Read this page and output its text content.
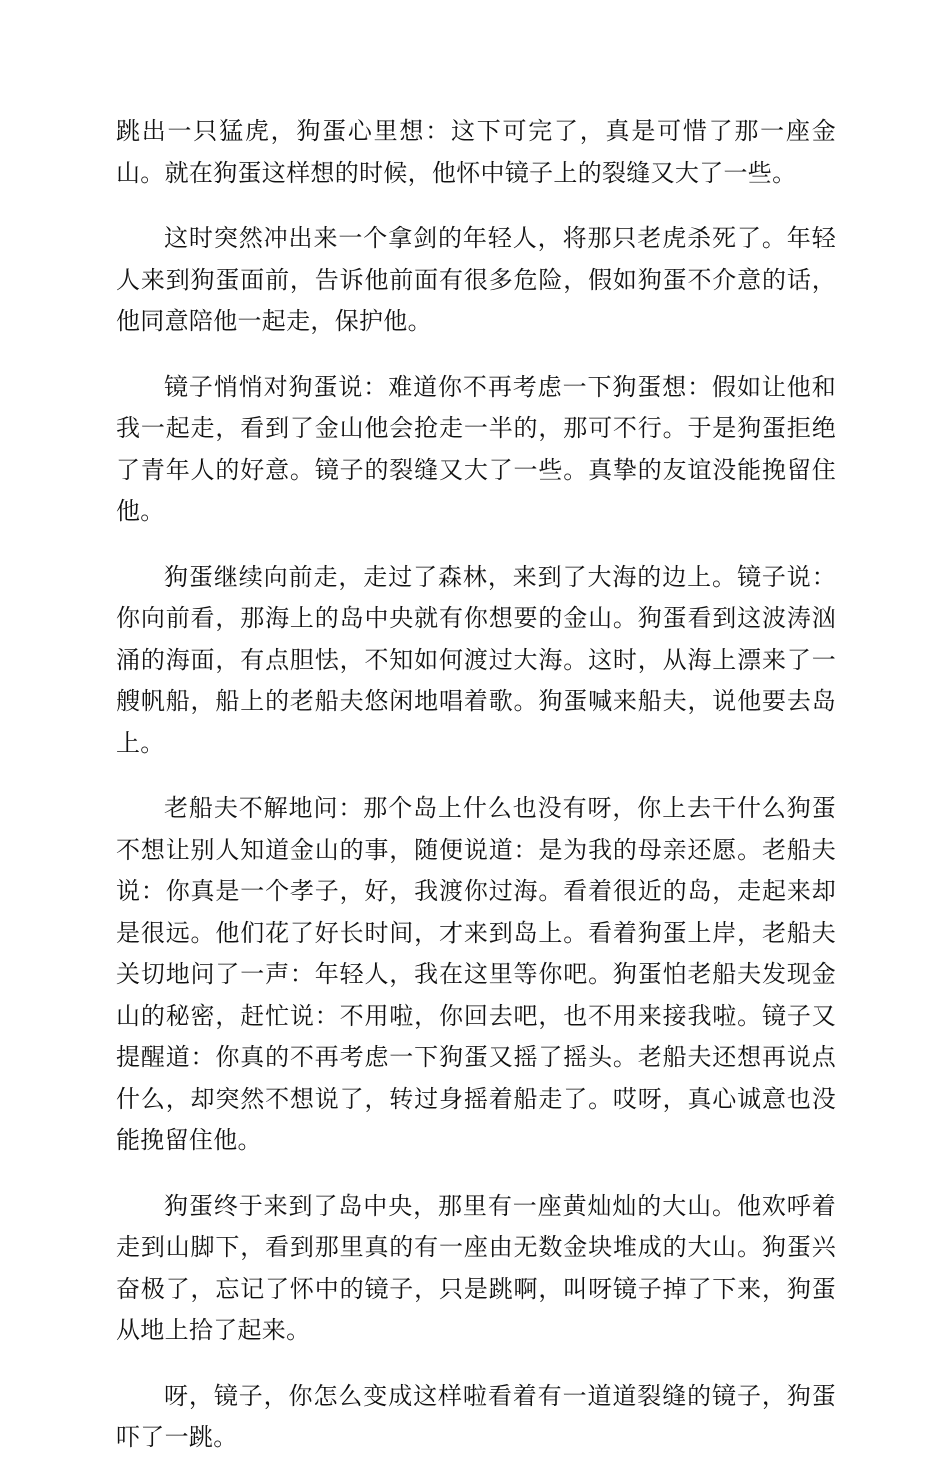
跳出一只猛虎，狗蛋心里想：这下可完了，真是可惜了那一座金山。就在狗蛋这样想的时候，他怀中镜子上的裂缝又大了一些。

这时突然冲出来一个拿剑的年轻人，将那只老虎杀死了。年轻人来到狗蛋面前，告诉他前面有很多危险，假如狗蛋不介意的话，他同意陪他一起走，保护他。

镜子悄悄对狗蛋说：难道你不再考虑一下狗蛋想：假如让他和我一起走，看到了金山他会抢走一半的，那可不行。于是狗蛋拒绝了青年人的好意。镜子的裂缝又大了一些。真挚的友谊没能挽留住他。

狗蛋继续向前走，走过了森林，来到了大海的边上。镜子说：你向前看，那海上的岛中央就有你想要的金山。狗蛋看到这波涛汹涌的海面，有点胆怯，不知如何渡过大海。这时，从海上漂来了一艘帆船，船上的老船夫悠闲地唱着歌。狗蛋喊来船夫，说他要去岛上。

老船夫不解地问：那个岛上什么也没有呀，你上去干什么狗蛋不想让别人知道金山的事，随便说道：是为我的母亲还愿。老船夫说：你真是一个孝子，好，我渡你过海。看着很近的岛，走起来却是很远。他们花了好长时间，才来到岛上。看着狗蛋上岸，老船夫关切地问了一声：年轻人，我在这里等你吧。狗蛋怕老船夫发现金山的秘密，赶忙说：不用啦，你回去吧，也不用来接我啦。镜子又提醒道：你真的不再考虑一下狗蛋又摇了摇头。老船夫还想再说点什么，却突然不想说了，转过身摇着船走了。哎呀，真心诚意也没能挽留住他。

狗蛋终于来到了岛中央，那里有一座黄灿灿的大山。他欢呼着走到山脚下，看到那里真的有一座由无数金块堆成的大山。狗蛋兴奋极了，忘记了怀中的镜子，只是跳啊，叫呀镜子掉了下来，狗蛋从地上拾了起来。

呀，镜子，你怎么变成这样啦看着有一道道裂缝的镜子，狗蛋吓了一跳。
